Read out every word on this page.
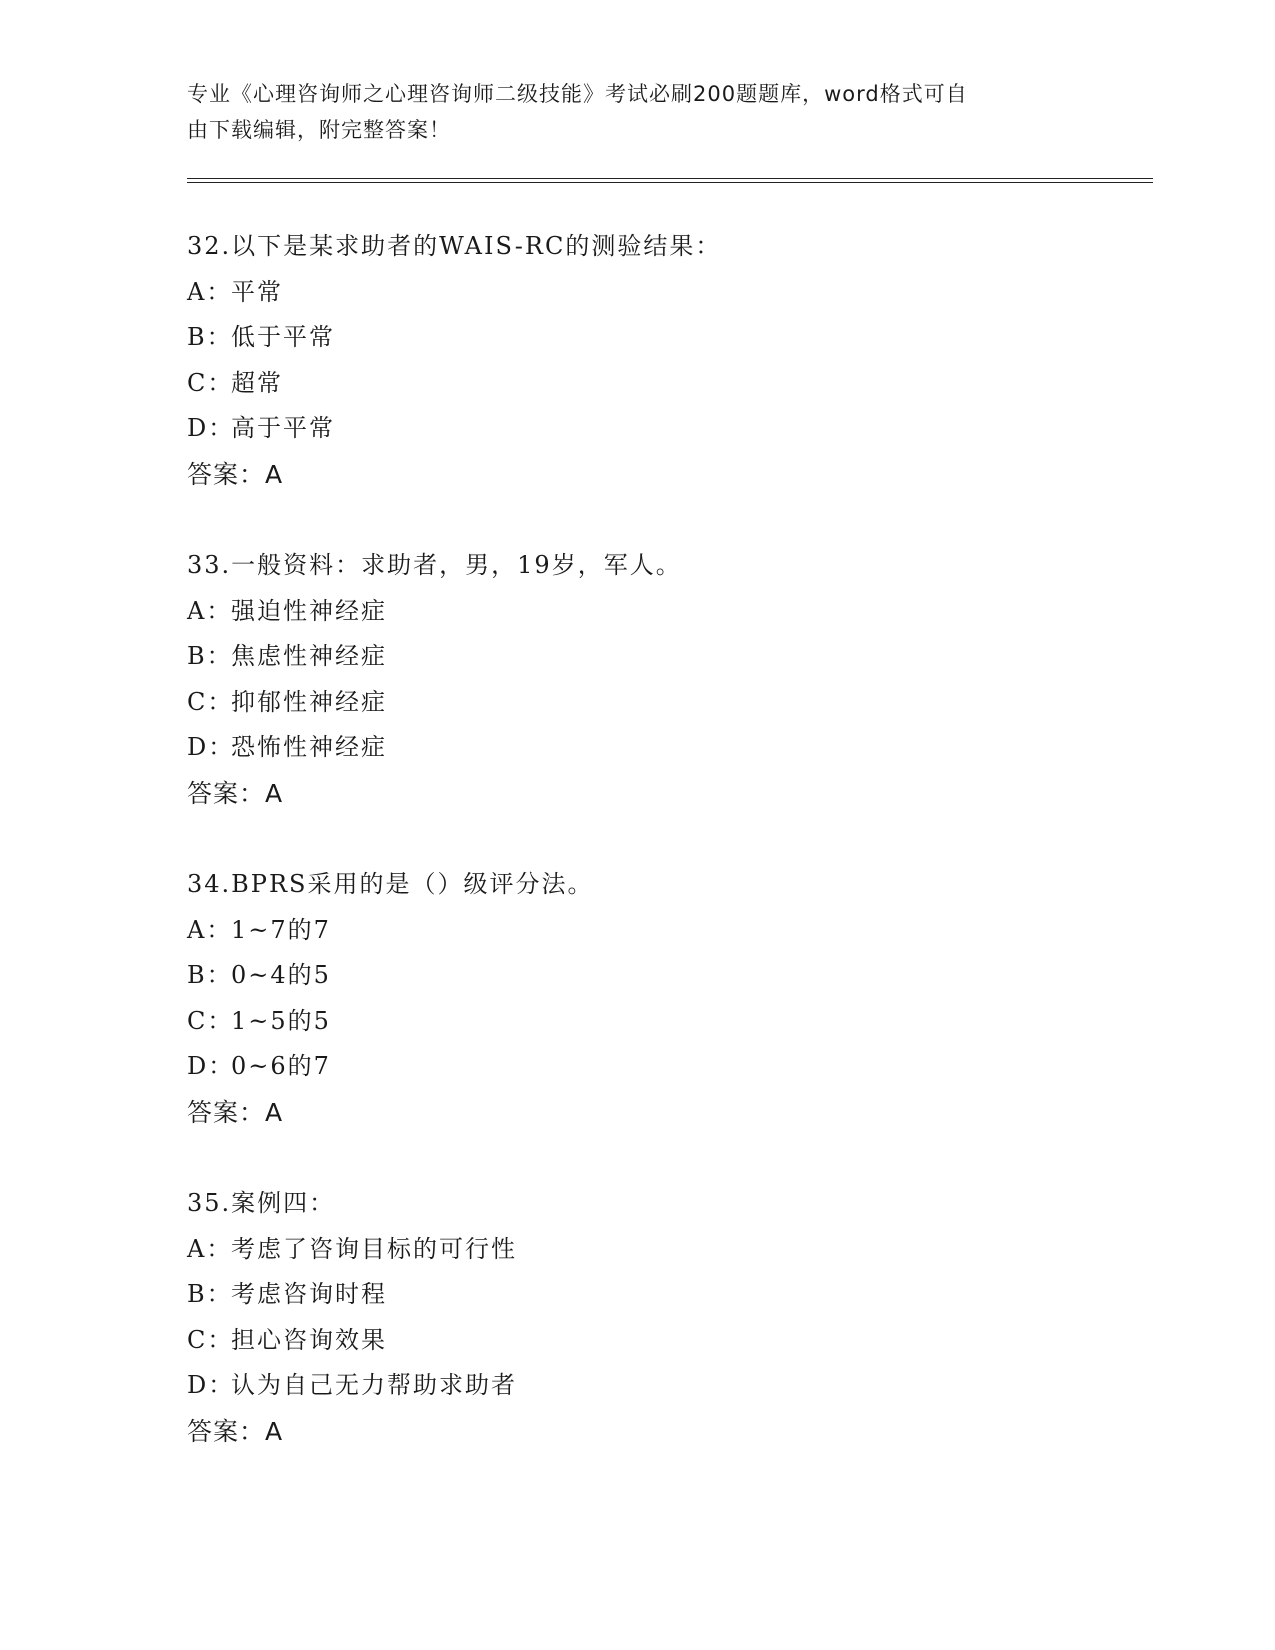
专业《心理咨询师之心理咨询师二级技能》考试必刷200题题库，word格式可自
由下载编辑，附完整答案！
32.以下是某求助者的WAIS-RC的测验结果：
A：平常
B：低于平常
C：超常
D：高于平常
答案：A
33.一般资料：求助者，男，19岁，军人。
A：强迫性神经症
B：焦虑性神经症
C：抑郁性神经症
D：恐怖性神经症
答案：A
34.BPRS采用的是（）级评分法。
A：1~7的7
B：0~4的5
C：1~5的5
D：0~6的7
答案：A
35.案例四：
A：考虑了咨询目标的可行性
B：考虑咨询时程
C：担心咨询效果
D：认为自己无力帮助求助者
答案：A
